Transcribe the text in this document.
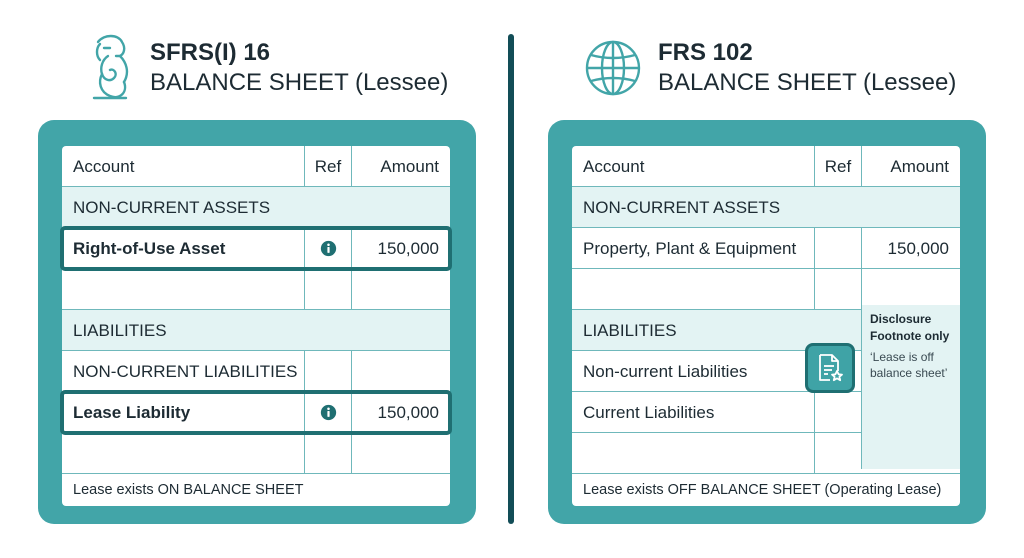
SFRS(I) 16
BALANCE SHEET (Lessee)
FRS 102
BALANCE SHEET (Lessee)
Account	Ref	Amount
NON-CURRENT ASSETS
Right-of-Use Asset	150,000
LIABILITIES
NON-CURRENT LIABILITIES
Lease Liability	150,000
Lease exists ON BALANCE SHEET
Account	Ref	Amount
NON-CURRENT ASSETS
Property, Plant & Equipment	150,000
LIABILITIES
Non-current Liabilities
Current Liabilities
Disclosure Footnote only
‘Lease is off balance sheet’
Lease exists OFF BALANCE SHEET (Operating Lease)
